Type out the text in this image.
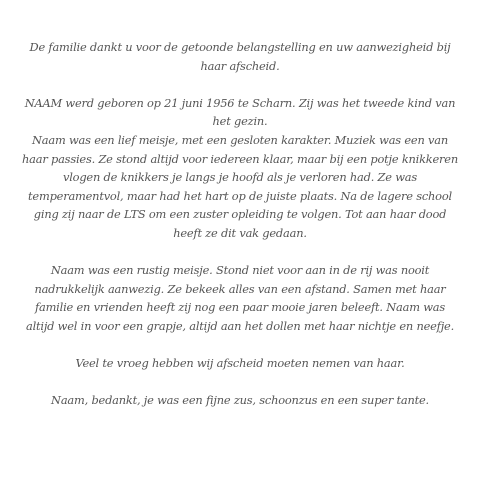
De familie dankt u voor de getoonde belangstelling en uw aanwezigheid bij haar afscheid.

NAAM werd geboren op 21 juni 1956 te Scharn. Zij was het tweede kind van het gezin.

Naam was een lief meisje, met een gesloten karakter. Muziek was een van haar passies. Ze stond altijd voor iedereen klaar, maar bij een potje knikkeren vlogen de knikkers je langs je hoofd als je verloren had. Ze was temperamentvol, maar had het hart op de juiste plaats. Na de lagere school ging zij naar de LTS om een zuster opleiding te volgen. Tot aan haar dood heeft ze dit vak gedaan.

Naam was een rustig meisje. Stond niet voor aan in de rij was nooit nadrukkelijk aanwezig. Ze bekeek alles van een afstand. Samen met haar familie en vrienden heeft zij nog een paar mooie jaren beleeft. Naam was altijd wel in voor een grapje, altijd aan het dollen met haar nichtje en neefje.

Veel te vroeg hebben wij afscheid moeten nemen van haar.

Naam, bedankt, je was een fijne zus, schoonzus en een super tante.
